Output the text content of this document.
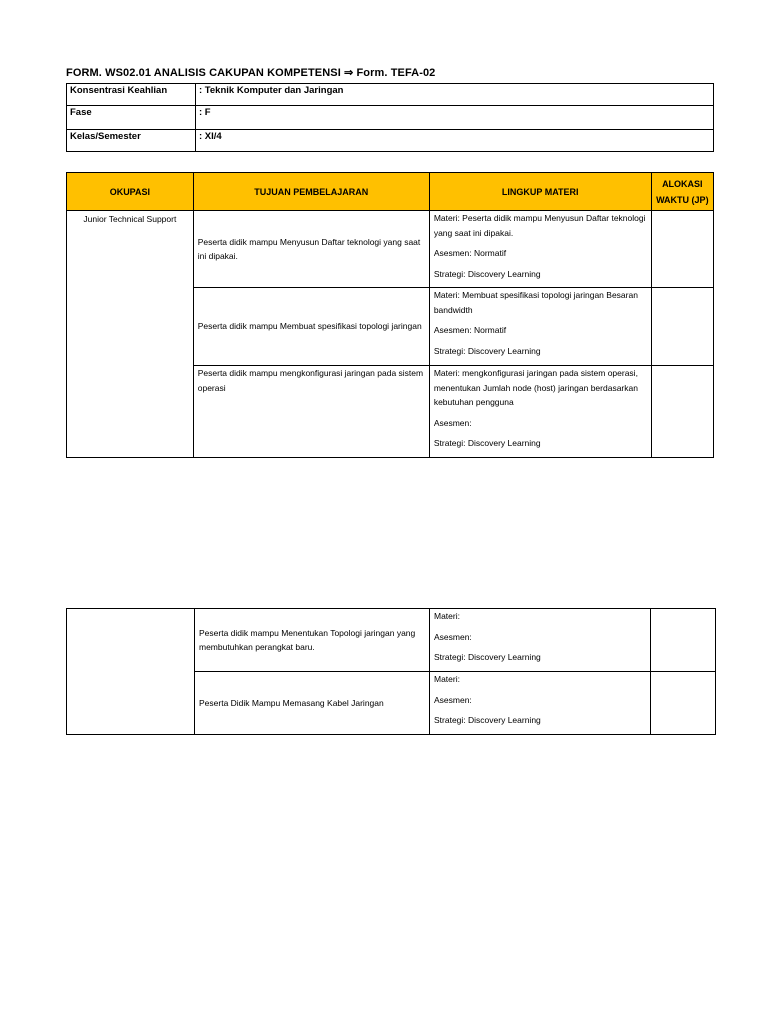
FORM. WS02.01 ANALISIS CAKUPAN KOMPETENSI ⇒ Form. TEFA-02
Konsentrasi Keahlian	: Teknik Komputer dan Jaringan
Fase	: F
Kelas/Semester	: XI/4
OKUPASI	TUJUAN PEMBELAJARAN	LINGKUP MATERI	ALOKASI WAKTU (JP)
Junior Technical Support	Peserta didik mampu Menyusun Daftar teknologi yang saat ini dipakai.	Materi: Peserta didik mampu Menyusun Daftar teknologi yang saat ini dipakai.
Asesmen: Normatif
Strategi: Discovery Learning	

	Peserta didik mampu Membuat spesifikasi topologi jaringan	Materi: Membuat spesifikasi topologi jaringan Besaran bandwidth
Asesmen: Normatif
Strategi: Discovery Learning	

	Peserta didik mampu mengkonfigurasi jaringan pada sistem operasi	Materi: mengkonfigurasi jaringan pada sistem operasi, menentukan Jumlah node (host) jaringan berdasarkan kebutuhan pengguna
Asesmen:
Strategi: Discovery Learning	

	Peserta didik mampu Menentukan Topologi jaringan yang membutuhkan perangkat baru.	Materi:
Asesmen:
Strategi: Discovery Learning	

	Peserta Didik Mampu Memasang Kabel Jaringan	Materi:
Asesmen:
Strategi: Discovery Learning	
